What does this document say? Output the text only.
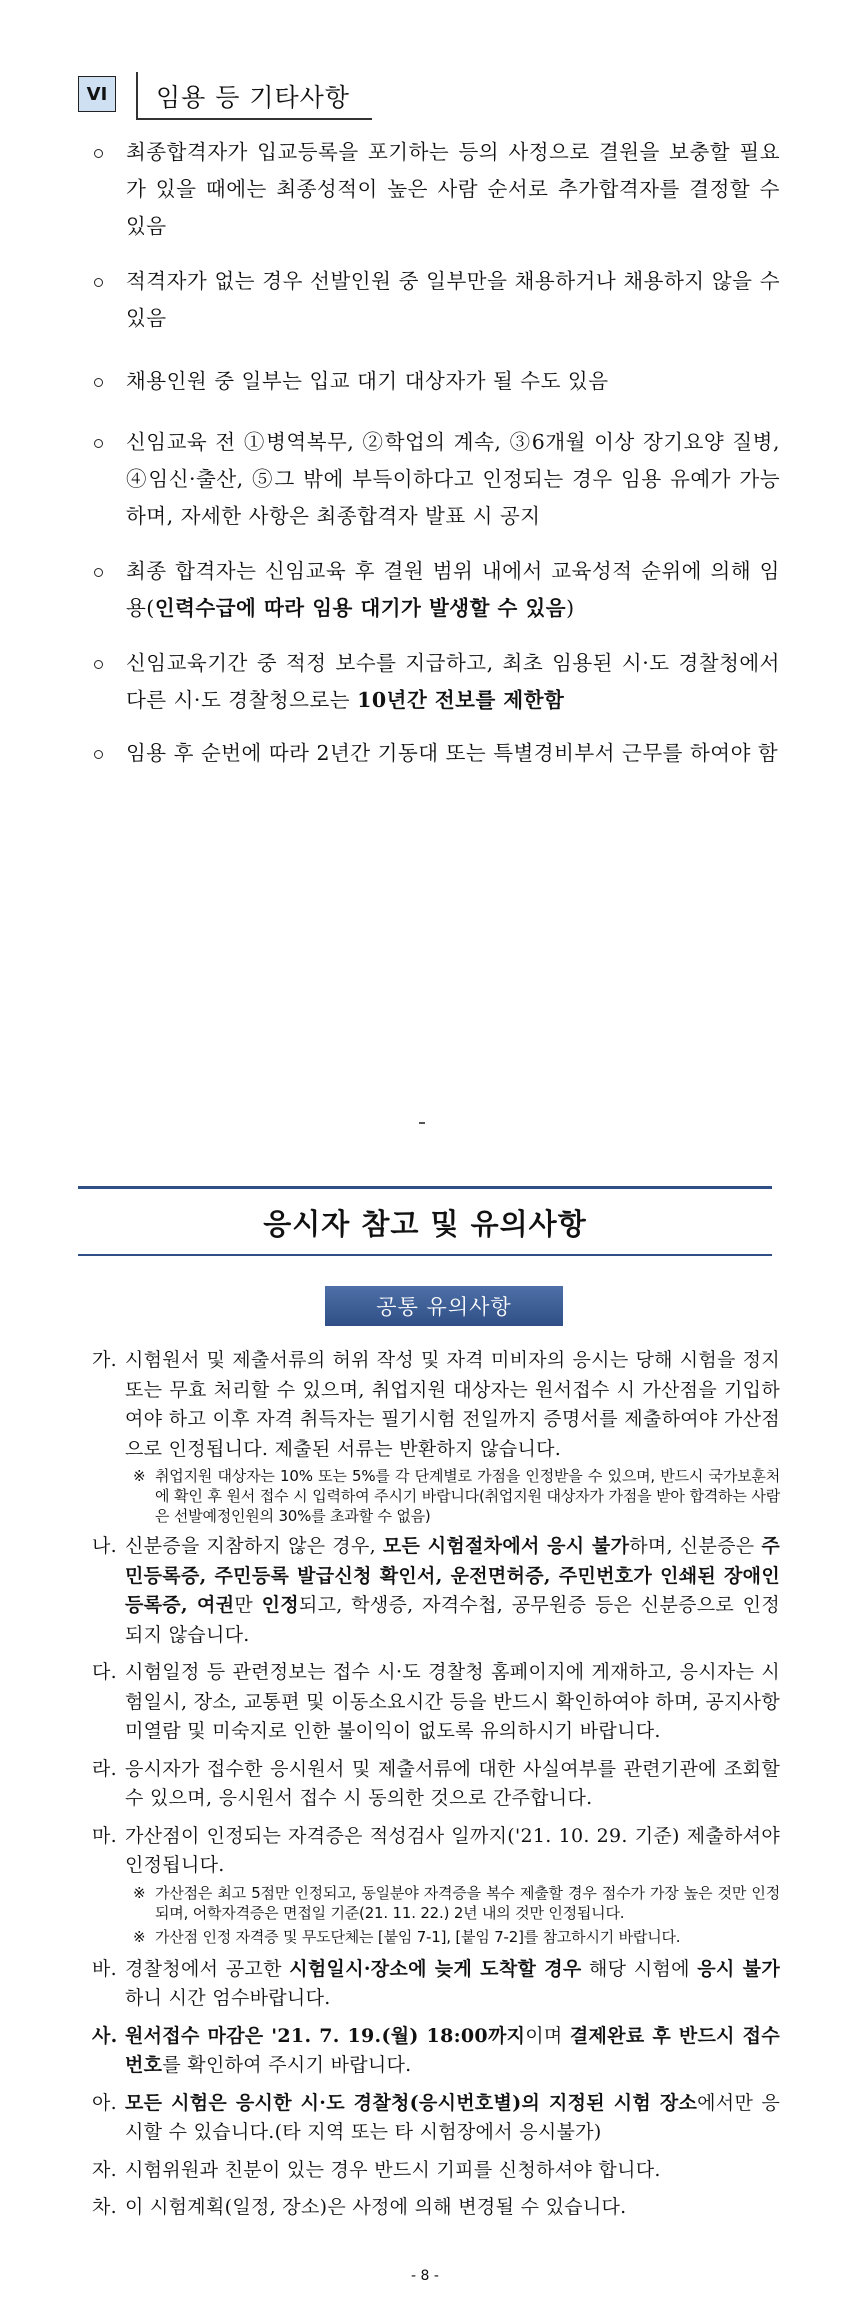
VI	임용 등 기타사항
최종합격자가 입교등록을 포기하는 등의 사정으로 결원을 보충할 필요가 있을 때에는 최종성적이 높은 사람 순서로 추가합격자를 결정할 수 있음
적격자가 없는 경우 선발인원 중 일부만을 채용하거나 채용하지 않을 수 있음
채용인원 중 일부는 입교 대기 대상자가 될 수도 있음
신임교육 전 ①병역복무, ②학업의 계속, ③6개월 이상 장기요양 질병, ④임신·출산, ⑤그 밖에 부득이하다고 인정되는 경우 임용 유예가 가능하며, 자세한 사항은 최종합격자 발표 시 공지
최종 합격자는 신임교육 후 결원 범위 내에서 교육성적 순위에 의해 임용(인력수급에 따라 임용 대기가 발생할 수 있음)
신임교육기간 중 적정 보수를 지급하고, 최초 임용된 시·도 경찰청에서 다른 시·도 경찰청으로는 10년간 전보를 제한함
임용 후 순번에 따라 2년간 기동대 또는 특별경비부서 근무를 하여야 함
응시자 참고 및 유의사항
공통 유의사항
가. 시험원서 및 제출서류의 허위 작성 및 자격 미비자의 응시는 당해 시험을 정지 또는 무효 처리할 수 있으며, 취업지원 대상자는 원서접수 시 가산점을 기입하여야 하고 이후 자격 취득자는 필기시험 전일까지 증명서를 제출하여야 가산점으로 인정됩니다. 제출된 서류는 반환하지 않습니다.
※ 취업지원 대상자는 10% 또는 5%를 각 단계별로 가점을 인정받을 수 있으며, 반드시 국가보훈처에 확인 후 원서 접수 시 입력하여 주시기 바랍니다(취업지원 대상자가 가점을 받아 합격하는 사람은 선발예정인원의 30%를 초과할 수 없음)
나. 신분증을 지참하지 않은 경우, 모든 시험절차에서 응시 불가하며, 신분증은 주민등록증, 주민등록 발급신청 확인서, 운전면허증, 주민번호가 인쇄된 장애인 등록증, 여권만 인정되고, 학생증, 자격수첩, 공무원증 등은 신분증으로 인정되지 않습니다.
다. 시험일정 등 관련정보는 접수 시·도 경찰청 홈페이지에 게재하고, 응시자는 시험일시, 장소, 교통편 및 이동소요시간 등을 반드시 확인하여야 하며, 공지사항 미열람 및 미숙지로 인한 불이익이 없도록 유의하시기 바랍니다.
라. 응시자가 접수한 응시원서 및 제출서류에 대한 사실여부를 관련기관에 조회할 수 있으며, 응시원서 접수 시 동의한 것으로 간주합니다.
마. 가산점이 인정되는 자격증은 적성검사 일까지('21. 10. 29. 기준) 제출하셔야 인정됩니다.
※ 가산점은 최고 5점만 인정되고, 동일분야 자격증을 복수 제출할 경우 점수가 가장 높은 것만 인정되며, 어학자격증은 면접일 기준(21. 11. 22.) 2년 내의 것만 인정됩니다.
※ 가산점 인정 자격증 및 무도단체는 [붙임 7-1], [붙임 7-2]를 참고하시기 바랍니다.
바. 경찰청에서 공고한 시험일시·장소에 늦게 도착할 경우 해당 시험에 응시 불가하니 시간 엄수바랍니다.
사. 원서접수 마감은 '21. 7. 19.(월) 18:00까지이며 결제완료 후 반드시 접수번호를 확인하여 주시기 바랍니다.
아. 모든 시험은 응시한 시·도 경찰청(응시번호별)의 지정된 시험 장소에서만 응시할 수 있습니다.(타 지역 또는 타 시험장에서 응시불가)
자. 시험위원과 친분이 있는 경우 반드시 기피를 신청하셔야 합니다.
차. 이 시험계획(일정, 장소)은 사정에 의해 변경될 수 있습니다.
- 8 -
